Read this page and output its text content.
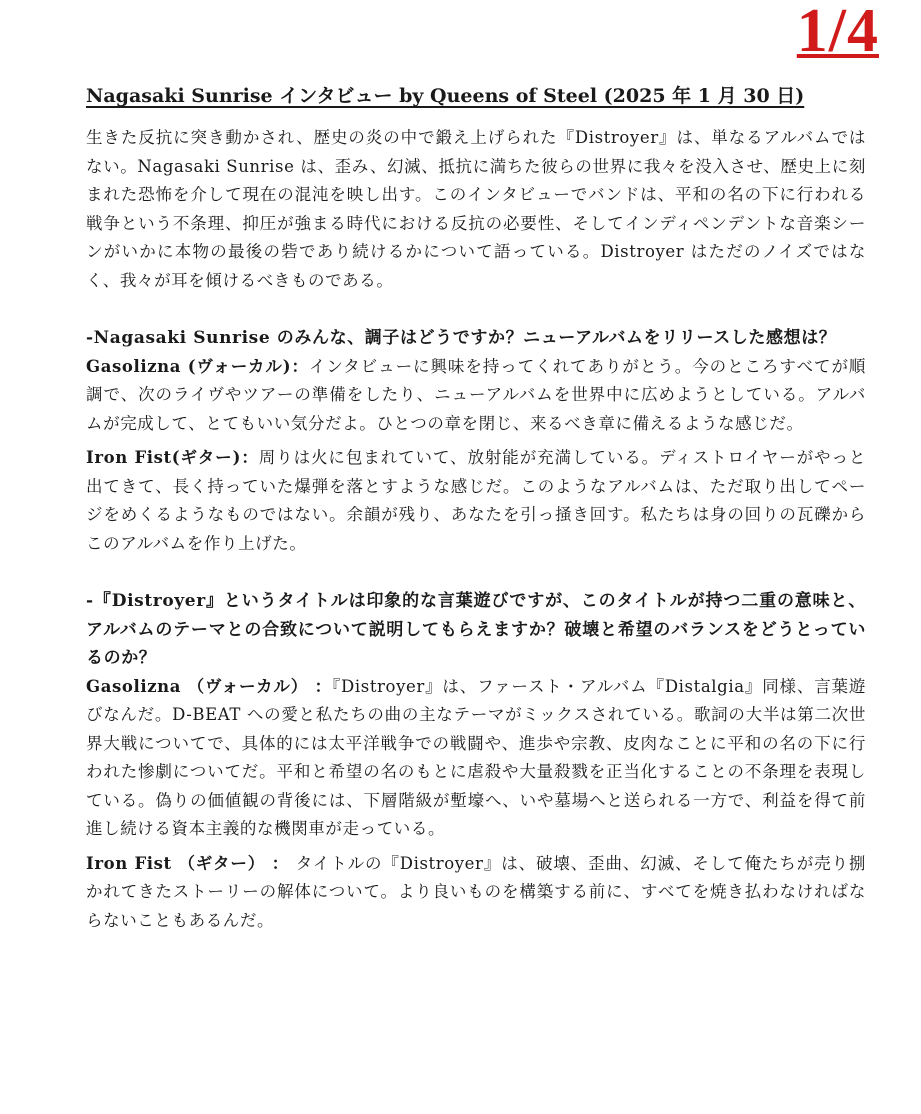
1/4
Nagasaki Sunrise インタビュー by Queens of Steel (2025 年 1 月 30 日)

生きた反抗に突き動かされ、歴史の炎の中で鍛え上げられた『Distroyer』は、単なるアルバムではない。Nagasaki Sunrise は、歪み、幻滅、抵抗に満ちた彼らの世界に我々を没入させ、歴史上に刻まれた恐怖を介して現在の混沌を映し出す。このインタビューでバンドは、平和の名の下に行われる戦争という不条理、抑圧が強まる時代における反抗の必要性、そしてインディペンデントな音楽シーンがいかに本物の最後の砦であり続けるかについて語っている。Distroyer はただのノイズではなく、我々が耳を傾けるべきものである。

-Nagasaki Sunrise のみんな、調子はどうですか？ニューアルバムをリリースした感想は？

Gasolizna (ヴォーカル)：インタビューに興味を持ってくれてありがとう。今のところすべてが順調で、次のライヴやツアーの準備をしたり、ニューアルバムを世界中に広めようとしている。アルバムが完成して、とてもいい気分だよ。ひとつの章を閉じ、来るべき章に備えるような感じだ。

Iron Fist(ギター)：周りは火に包まれていて、放射能が充満している。ディストロイヤーがやっと出てきて、長く持っていた爆弾を落とすような感じだ。このようなアルバムは、ただ取り出してページをめくるようなものではない。余韻が残り、あなたを引っ掻き回す。私たちは身の回りの瓦礫からこのアルバムを作り上げた。

-『Distroyer』というタイトルは印象的な言葉遊びですが、このタイトルが持つ二重の意味と、アルバムのテーマとの合致について説明してもらえますか？破壊と希望のバランスをどうとっているのか？

Gasolizna （ヴォーカル） ：『Distroyer』は、ファースト・アルバム『Distalgia』同様、言葉遊びなんだ。D-BEAT への愛と私たちの曲の主なテーマがミックスされている。歌詞の大半は第二次世界大戦についてで、具体的には太平洋戦争での戦闘や、進歩や宗教、皮肉なことに平和の名の下に行われた惨劇についてだ。平和と希望の名のもとに虐殺や大量殺戮を正当化することの不条理を表現している。偽りの価値観の背後には、下層階級が塹壕へ、いや墓場へと送られる一方で、利益を得て前進し続ける資本主義的な機関車が走っている。

Iron Fist （ギター） ： タイトルの『Distroyer』は、破壊、歪曲、幻滅、そして俺たちが売り捌かれてきたストーリーの解体について。より良いものを構築する前に、すべてを焼き払わなければならないこともあるんだ。
